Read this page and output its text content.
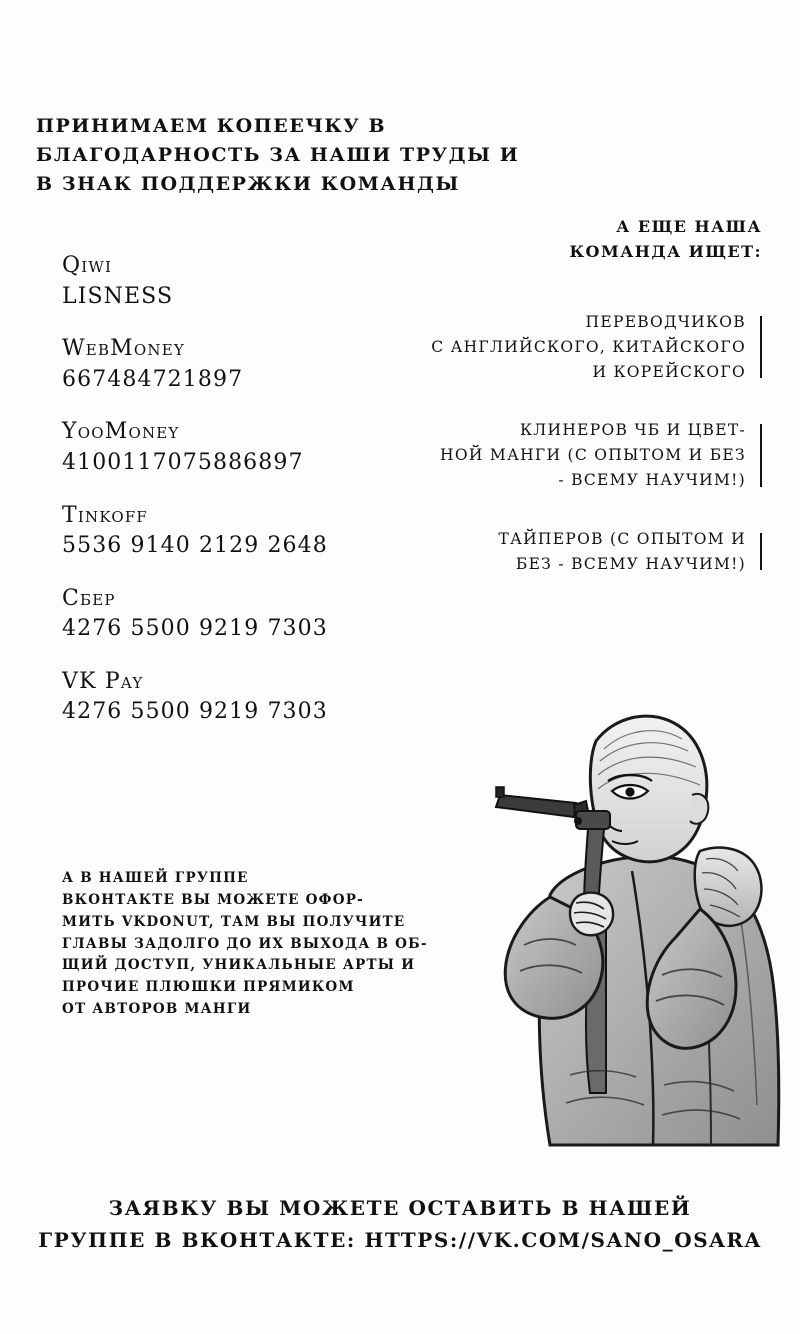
ПРИНИМАЕМ КОПЕЕЧКУ В
БЛАГОДАРНОСТЬ ЗА НАШИ ТРУДЫ И
В ЗНАК ПОДДЕРЖКИ КОМАНДЫ
А ЕЩЕ НАША
КОМАНДА ИЩЕТ:
Qiwi
LISNESS
WebMoney
667484721897
YooMoney
4100117075886897
Tinkoff
5536 9140 2129 2648
Сбер
4276 5500 9219 7303
VK Pay
4276 5500 9219 7303
ПЕРЕВОДЧИКОВ
С АНГЛИЙСКОГО, КИТАЙСКОГО
И КОРЕЙСКОГО
КЛИНЕРОВ ЧБ И ЦВЕТ-
НОЙ МАНГИ (С ОПЫТОМ И БЕЗ
- ВСЕМУ НАУЧИМ!)
ТАЙПЕРОВ (С ОПЫТОМ И
БЕЗ - ВСЕМУ НАУЧИМ!)
А В НАШЕЙ ГРУППЕ
ВКОНТАКТЕ ВЫ МОЖЕТЕ ОФОР-
МИТЬ VKDONUT, ТАМ ВЫ ПОЛУЧИТЕ
ГЛАВЫ ЗАДОЛГО ДО ИХ ВЫХОДА В ОБ-
ЩИЙ ДОСТУП, УНИКАЛЬНЫЕ АРТЫ И
ПРОЧИЕ ПЛЮШКИ ПРЯМИКОМ
ОТ АВТОРОВ МАНГИ
ЗАЯВКУ ВЫ МОЖЕТЕ ОСТАВИТЬ В НАШЕЙ
ГРУППЕ В ВКОНТАКТЕ: HTTPS://VK.COM/SANO_OSARA
